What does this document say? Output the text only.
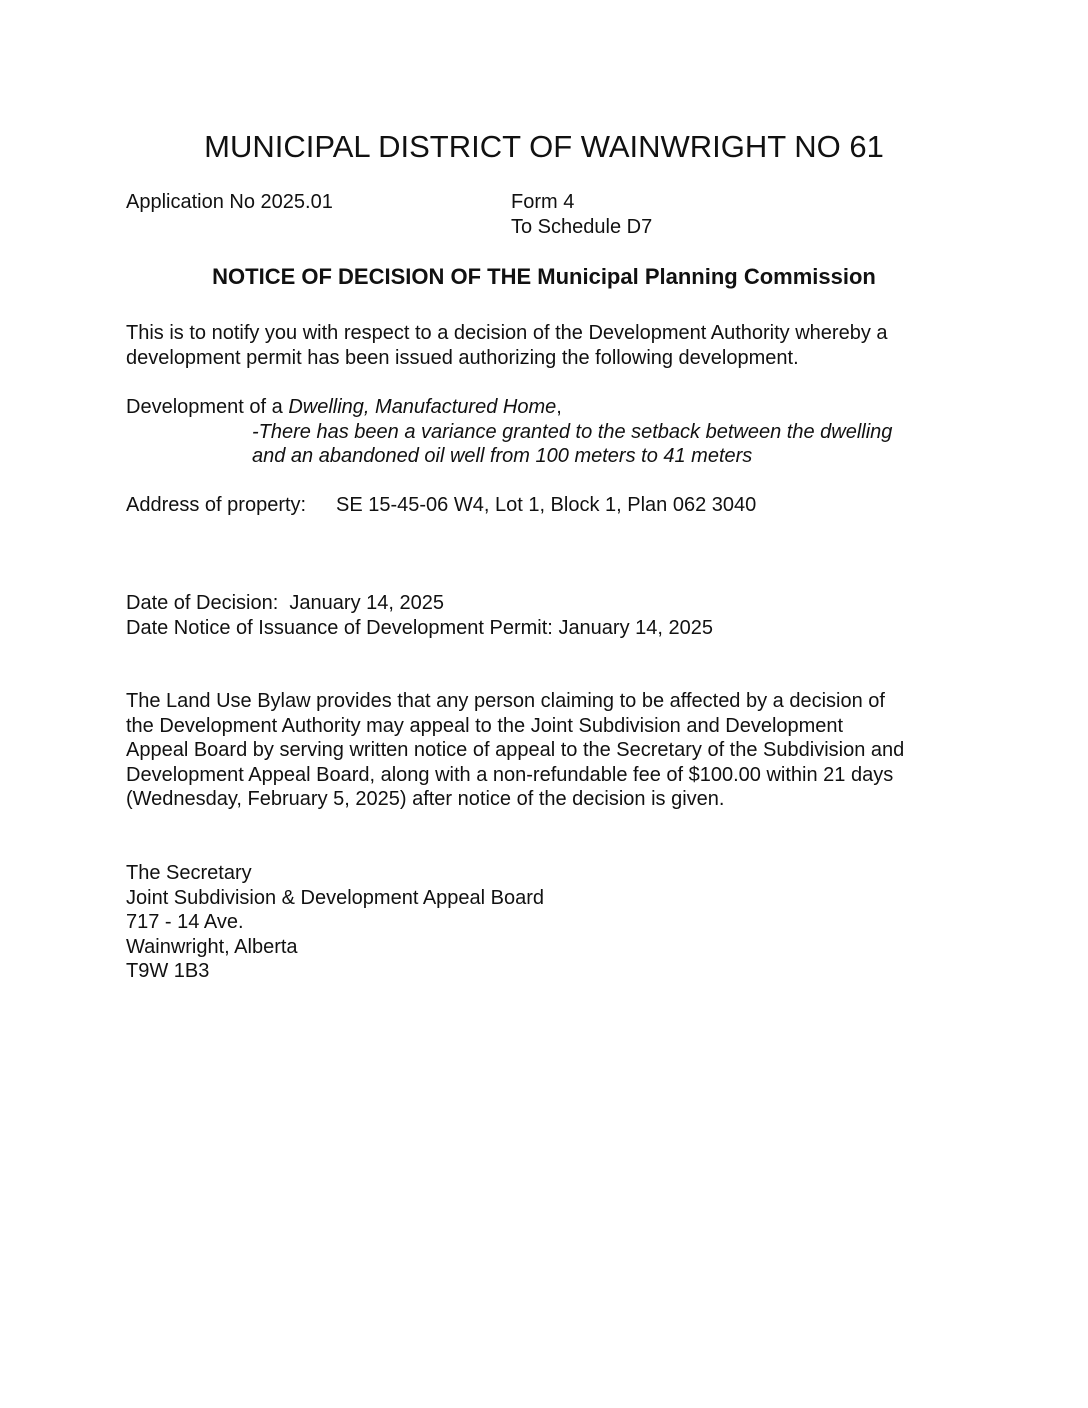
MUNICIPAL DISTRICT OF WAINWRIGHT NO 61
Application No 2025.01	Form 4
To Schedule D7
NOTICE OF DECISION OF THE Municipal Planning Commission
This is to notify you with respect to a decision of the Development Authority whereby a
development permit has been issued authorizing the following development.
Development of a Dwelling, Manufactured Home,
-There has been a variance granted to the setback between the dwelling
and an abandoned oil well from 100 meters to 41 meters
Address of property: SE 15-45-06 W4, Lot 1, Block 1, Plan 062 3040
Date of Decision: January 14, 2025
Date Notice of Issuance of Development Permit: January 14, 2025
The Land Use Bylaw provides that any person claiming to be affected by a decision of
the Development Authority may appeal to the Joint Subdivision and Development
Appeal Board by serving written notice of appeal to the Secretary of the Subdivision and
Development Appeal Board, along with a non-refundable fee of $100.00 within 21 days
(Wednesday, February 5, 2025) after notice of the decision is given.
The Secretary
Joint Subdivision & Development Appeal Board
717 - 14 Ave.
Wainwright, Alberta
T9W 1B3
